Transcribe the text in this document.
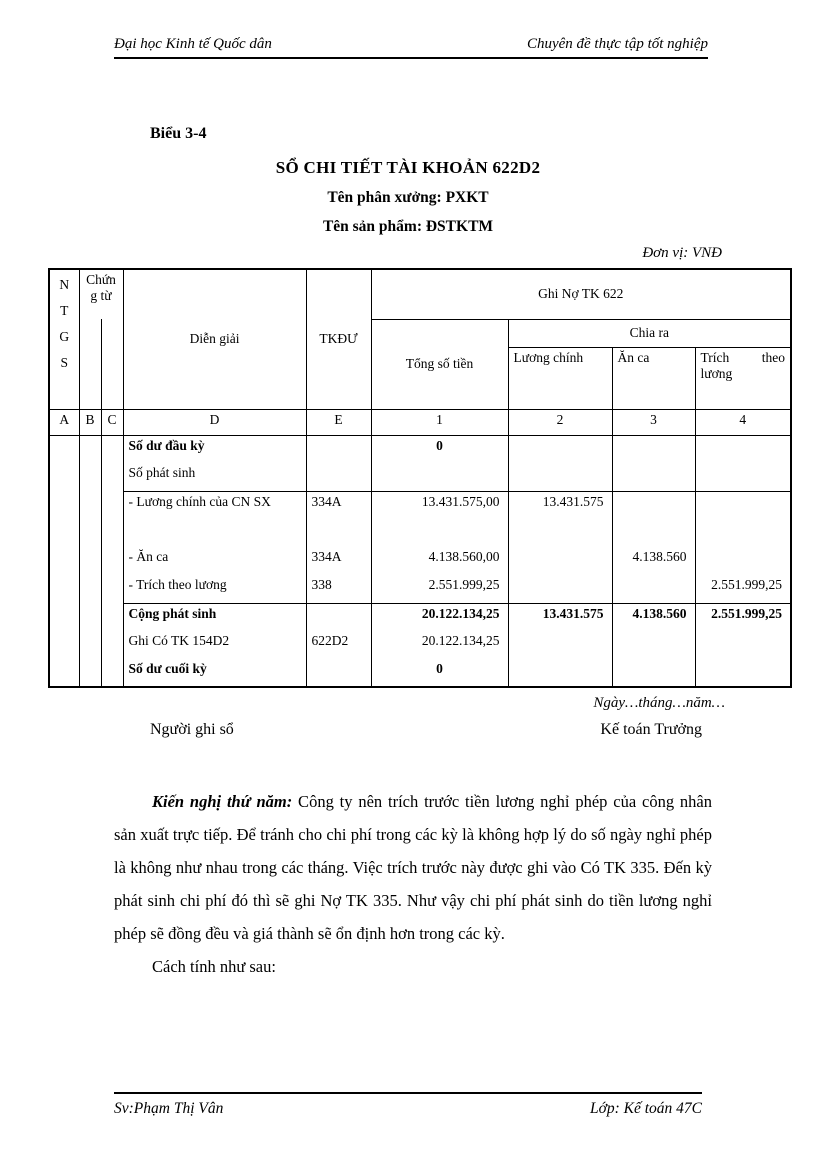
Đại học Kinh tế Quốc dân	Chuyên đề thực tập tốt nghiệp
Biểu 3-4
SỔ CHI TIẾT TÀI KHOẢN 622D2
Tên phân xưởng: PXKT
Tên sản phẩm: ĐSTKTM
Đơn vị: VNĐ
N
T
G
S	Chứng từ		Diễn giải	TKĐƯ	Ghi Nợ TK 622			
					Tổng số tiền	Chia ra		
						Lương chính	Ăn ca	Trích theo lương
A	B	C	D	E	1	2	3	4
			Số dư đầu kỳ		0			
			Số phát sinh					
			- Lương chính của CN SX	334A	13.431.575,00	13.431.575		
			- Ăn ca	334A	4.138.560,00		4.138.560	
			- Trích theo lương	338	2.551.999,25			2.551.999,25
			Cộng phát sinh		20.122.134,25	13.431.575	4.138.560	2.551.999,25
			Ghi Có TK 154D2	622D2	20.122.134,25			
			Số dư cuối kỳ		0			
Ngày…tháng…năm…
Người ghi sổ	Kế toán Trưởng

Kiến nghị thứ năm: Công ty nên trích trước tiền lương nghỉ phép của công nhân sản xuất trực tiếp. Để tránh cho chi phí trong các kỳ là không hợp lý do số ngày nghỉ phép là không như nhau trong các tháng. Việc trích trước này được ghi vào Có TK 335. Đến kỳ phát sinh chi phí đó thì sẽ ghi Nợ TK 335. Như vậy chi phí phát sinh do tiền lương nghỉ phép sẽ đồng đều và giá thành sẽ ổn định hơn trong các kỳ.

Cách tính như sau:

Sv:Phạm Thị Vân	Lớp: Kế toán 47C
